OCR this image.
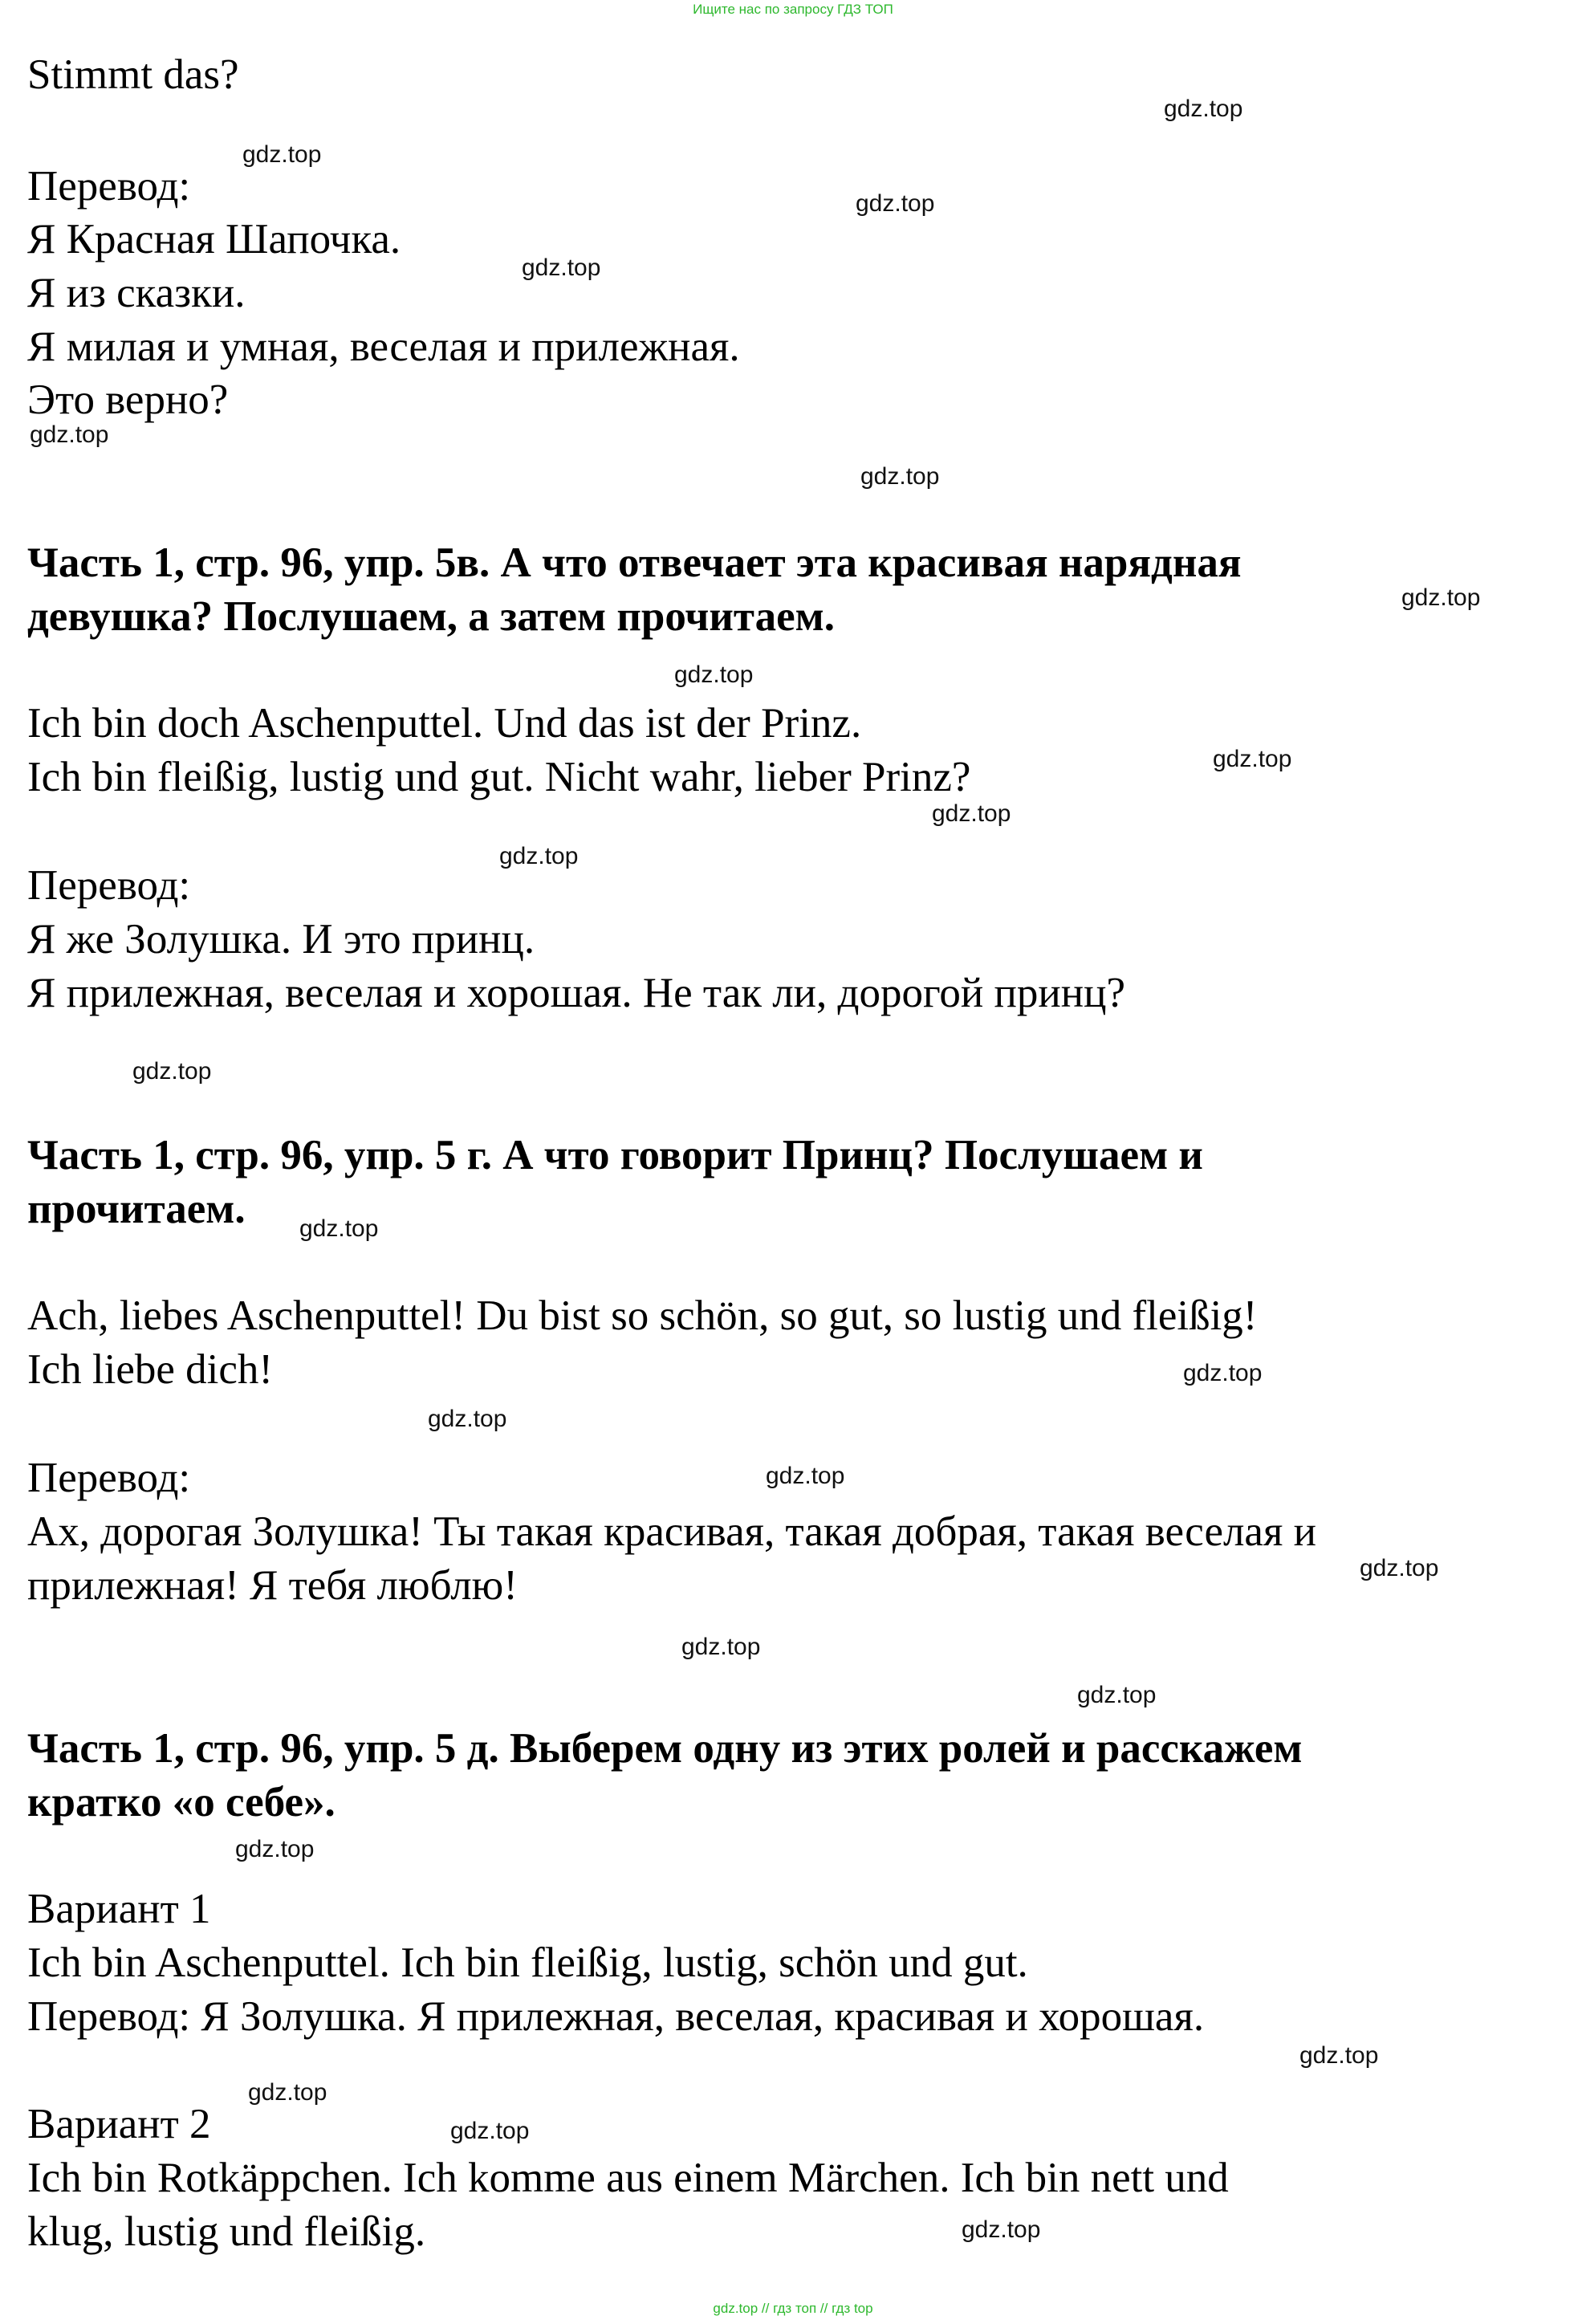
Ищите нас по запросу ГДЗ ТОП
Stimmt das?
Перевод:
Я Красная Шапочка.
Я из сказки.
Я милая и умная, веселая и прилежная.
Это верно?
Часть 1, стр. 96, упр. 5в. А что отвечает эта красивая нарядная
девушка? Послушаем, а затем прочитаем.
Ich bin doch Aschenputtel. Und das ist der Prinz.
Ich bin fleißig, lustig und gut. Nicht wahr, lieber Prinz?
Перевод:
Я же Золушка. И это принц.
Я прилежная, веселая и хорошая. Не так ли, дорогой принц?
Часть 1, стр. 96, упр. 5 г. А что говорит Принц? Послушаем и
прочитаем.
Ach, liebes Aschenputtel! Du bist so schön, so gut, so lustig und fleißig!
Ich liebe dich!
Перевод:
Ах, дорогая Золушка! Ты такая красивая, такая добрая, такая веселая и
прилежная! Я тебя люблю!
Часть 1, стр. 96, упр. 5 д. Выберем одну из этих ролей и расскажем
кратко «о себе».
Вариант 1
Ich bin Aschenputtel. Ich bin fleißig, lustig, schön und gut.
Перевод: Я Золушка. Я прилежная, веселая, красивая и хорошая.
Вариант 2
Ich bin Rotkäppchen. Ich komme aus einem Märchen. Ich bin nett und
klug, lustig und fleißig.
gdz.top
gdz.top
gdz.top
gdz.top
gdz.top
gdz.top
gdz.top
gdz.top
gdz.top
gdz.top
gdz.top
gdz.top
gdz.top
gdz.top
gdz.top
gdz.top
gdz.top
gdz.top
gdz.top
gdz.top
gdz.top
gdz.top
gdz.top
gdz.top
gdz.top // гдз топ // гдз top
